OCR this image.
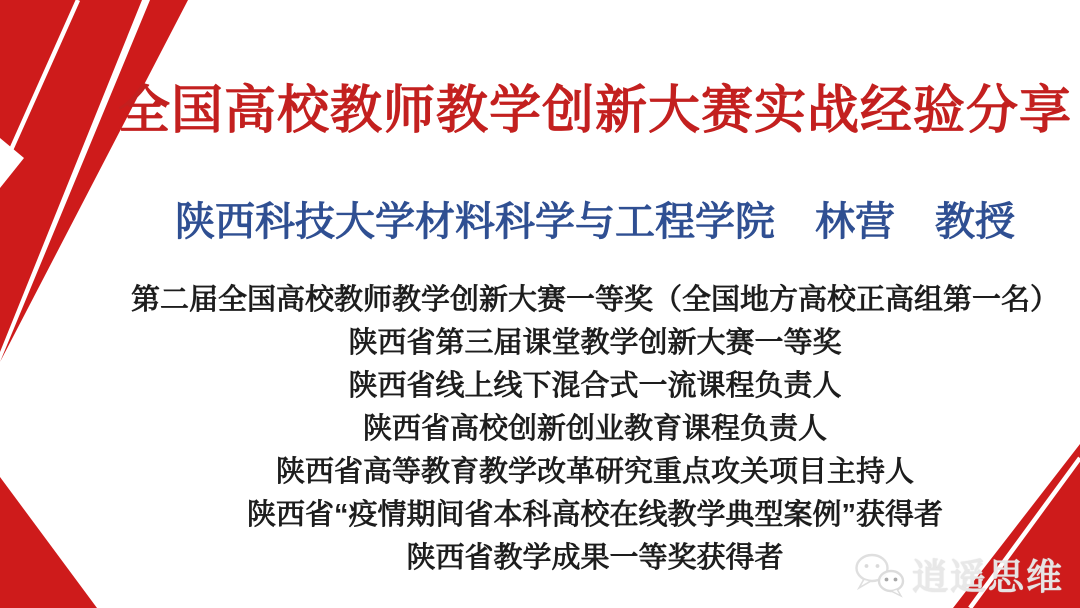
全国高校教师教学创新大赛实战经验分享
陕西科技大学材料科学与工程学院　林营　教授
第二届全国高校教师教学创新大赛一等奖（全国地方高校正高组第一名）
陕西省第三届课堂教学创新大赛一等奖
陕西省线上线下混合式一流课程负责人
陕西省高校创新创业教育课程负责人
陕西省高等教育教学改革研究重点攻关项目主持人
陕西省“疫情期间省本科高校在线教学典型案例”获得者
陕西省教学成果一等奖获得者	逍遥思维
